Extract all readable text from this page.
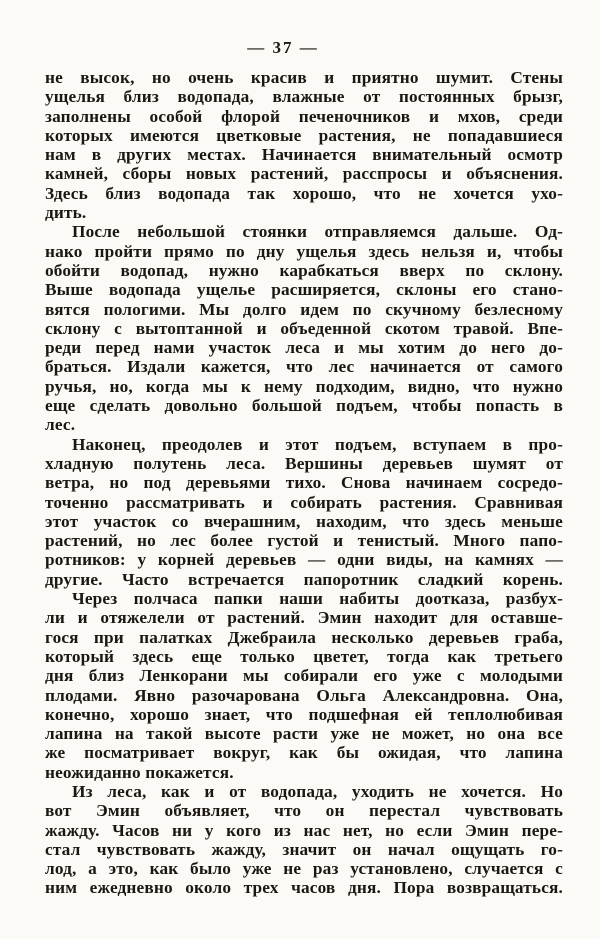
— 37 —
не высок, но очень красив и приятно шумит. Стены
ущелья близ водопада, влажные от постоянных брызг,
заполнены особой флорой печеночников и мхов, среди
которых имеются цветковые растения, не попадавшиеся
нам в других местах. Начинается внимательный осмотр
камней, сборы новых растений, расспросы и объяснения.
Здесь близ водопада так хорошо, что не хочется ухо-
дить.
После небольшой стоянки отправляемся дальше. Од-
нако пройти прямо по дну ущелья здесь нельзя и, чтобы
обойти водопад, нужно карабкаться вверх по склону.
Выше водопада ущелье расширяется, склоны его стано-
вятся пологими. Мы долго идем по скучному безлесному
склону с вытоптанной и объеденной скотом травой. Впе-
реди перед нами участок леса и мы хотим до него до-
браться. Издали кажется, что лес начинается от самого
ручья, но, когда мы к нему подходим, видно, что нужно
еще сделать довольно большой подъем, чтобы попасть в
лес.
Наконец, преодолев и этот подъем, вступаем в про-
хладную полутень леса. Вершины деревьев шумят от
ветра, но под деревьями тихо. Снова начинаем сосредо-
точенно рассматривать и собирать растения. Сравнивая
этот участок со вчерашним, находим, что здесь меньше
растений, но лес более густой и тенистый. Много папо-
ротников: у корней деревьев — одни виды, на камнях —
другие. Часто встречается папоротник сладкий корень.
Через полчаса папки наши набиты доотказа, разбух-
ли и отяжелели от растений. Эмин находит для оставше-
гося при палатках Джебраила несколько деревьев граба,
который здесь еще только цветет, тогда как третьего
дня близ Ленкорани мы собирали его уже с молодыми
плодами. Явно разочарована Ольга Александровна. Она,
конечно, хорошо знает, что подшефная ей теплолюбивая
лапина на такой высоте расти уже не может, но она все
же посматривает вокруг, как бы ожидая, что лапина
неожиданно покажется.
Из леса, как и от водопада, уходить не хочется. Но
вот Эмин объявляет, что он перестал чувствовать
жажду. Часов ни у кого из нас нет, но если Эмин пере-
стал чувствовать жажду, значит он начал ощущать го-
лод, а это, как было уже не раз установлено, случается с
ним ежедневно около трех часов дня. Пора возвращаться.
